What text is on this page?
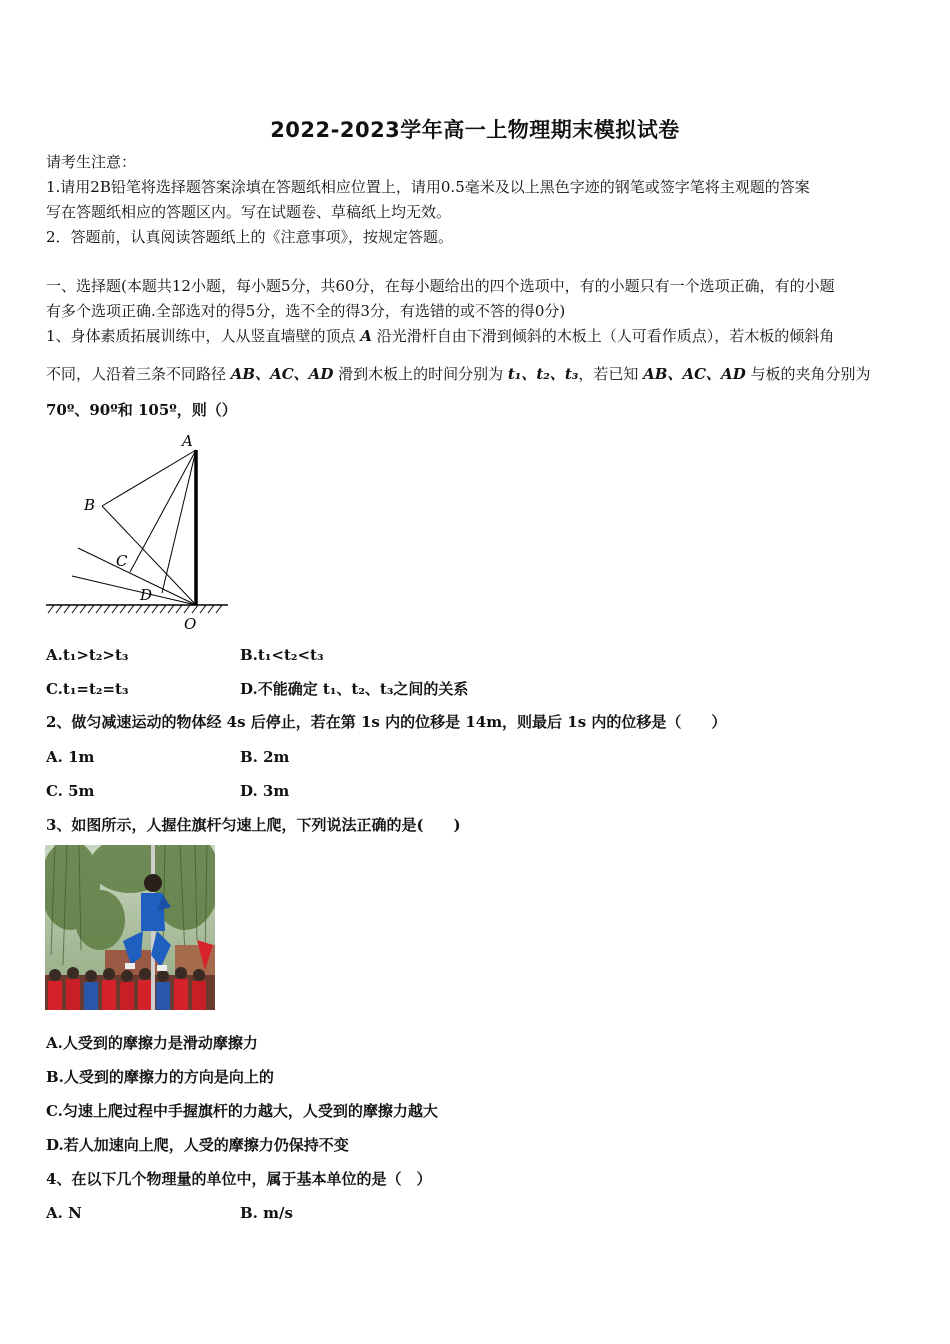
2022-2023学年高一上物理期末模拟试卷
请考生注意：
1.请用2B铅笔将选择题答案涂填在答题纸相应位置上，请用0.5毫米及以上黑色字迹的钢笔或签字笔将主观题的答案
写在答题纸相应的答题区内。写在试题卷、草稿纸上均无效。
2．答题前，认真阅读答题纸上的《注意事项》，按规定答题。
一、选择题(本题共12小题，每小题5分，共60分，在每小题给出的四个选项中，有的小题只有一个选项正确，有的小题
有多个选项正确.全部选对的得5分，选不全的得3分，有选错的或不答的得0分)
1、身体素质拓展训练中，人从竖直墙壁的顶点 A 沿光滑杆自由下滑到倾斜的木板上（人可看作质点），若木板的倾斜角
不同，人沿着三条不同路径 AB、AC、AD 滑到木板上的时间分别为 t₁、t₂、t₃，若已知 AB、AC、AD 与板的夹角分别为
70º、90º和 105º，则（）
A
B
C
D
O
A.t₁>t₂>t₃	B.t₁<t₂<t₃
C.t₁=t₂=t₃	D.不能确定 t₁、t₂、t₃之间的关系
2、做匀减速运动的物体经 4s 后停止，若在第 1s 内的位移是 14m，则最后 1s 内的位移是（　　）
A. 1m	B. 2m
C. 5m	D. 3m
3、如图所示，人握住旗杆匀速上爬，下列说法正确的是(　　)
A.人受到的摩擦力是滑动摩擦力
B.人受到的摩擦力的方向是向上的
C.匀速上爬过程中手握旗杆的力越大，人受到的摩擦力越大
D.若人加速向上爬，人受的摩擦力仍保持不变
4、在以下几个物理量的单位中，属于基本单位的是（　）
A. N	B. m/s
